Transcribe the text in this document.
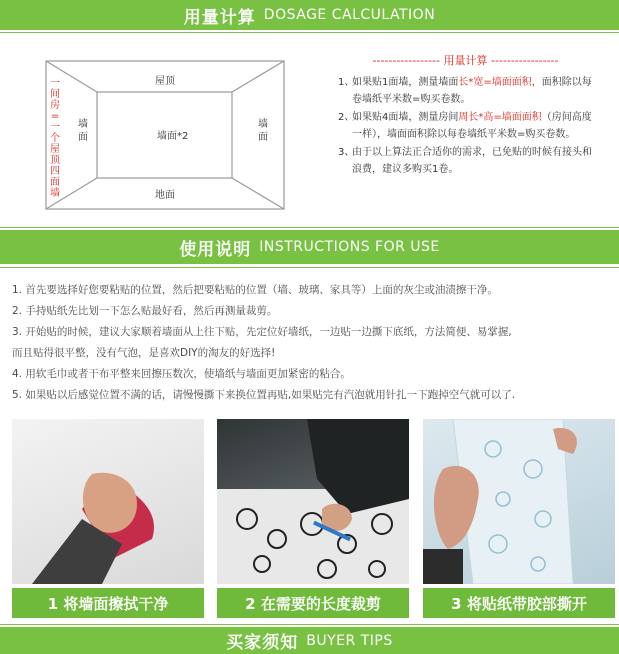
用量计算 DOSAGE CALCULATION
一间房=一个屋顶四面墙
屋顶
地面
墙面*2
墙面
墙面
----------------- 用量计算 -----------------
1、
如果贴1面墙，测量墙面长*宽=墙面面积，面积除以每卷墙纸平米数=购买卷数。
2、
如果贴4面墙，测量房间周长*高=墙面面积（房间高度一样），墙面面积除以每卷墙纸平米数=购买卷数。
3、
由于以上算法正合适你的需求，已免贴的时候有接头和浪费，建议多购买1卷。
使用说明 INSTRUCTIONS FOR USE
1. 首先要选择好您要粘贴的位置，然后把要粘贴的位置（墙、玻璃、家具等）上面的灰尘或油渍擦干净。
2. 手持贴纸先比划一下怎么贴最好看，然后再测量裁剪。
3. 开始贴的时候，建议大家顺着墙面从上往下贴，先定位好墙纸，一边贴一边撕下底纸，方法简便、易掌握,
而且贴得很平整，没有气泡，是喜欢DIY的淘友的好选择!
4. 用软毛巾或者干布平整来回擦压数次，使墙纸与墙面更加紧密的粘合。
5. 如果贴以后感觉位置不满的话，请慢慢撕下来换位置再贴,如果贴完有汽泡就用针扎一下跑掉空气就可以了.
1 将墙面擦拭干净	2 在需要的长度裁剪	3 将贴纸带胶部撕开
买家须知 BUYER TIPS
